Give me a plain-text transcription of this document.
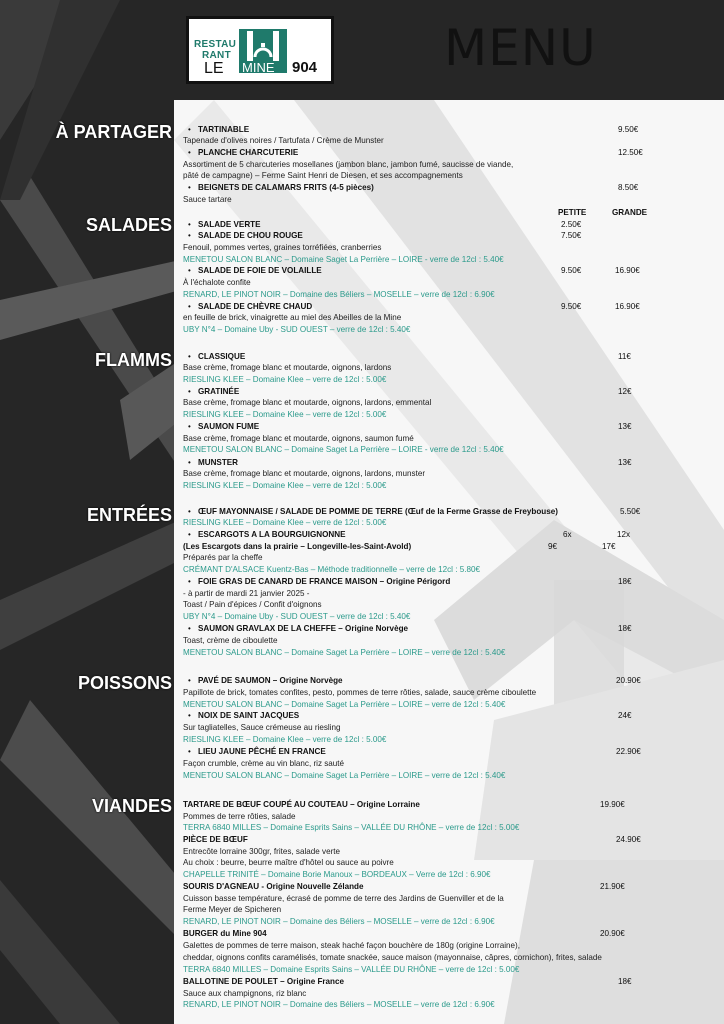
RESTAU
RANT
LE MINE 904	MENU
À PARTAGER
SALADES
FLAMMS
ENTRÉES
POISSONS
VIANDES
PETITE	GRANDE
• TARTINABLE	9.50€
Tapenade d'olives noires / Tartufata / Crème de Munster
• PLANCHE CHARCUTERIE	12.50€
Assortiment de 5 charcuteries mosellanes (jambon blanc, jambon fumé, saucisse de viande,
pâté de campagne) – Ferme Saint Henri de Diesen, et ses accompagnements
• BEIGNETS DE CALAMARS FRITS (4-5 pièces)	8.50€
Sauce tartare
• SALADE VERTE	2.50€
• SALADE DE CHOU ROUGE	7.50€
Fenouil, pommes vertes, graines torréfiées, cranberries
MENETOU SALON BLANC – Domaine Saget La Perrière – LOIRE - verre de 12cl : 5.40€
• SALADE DE FOIE DE VOLAILLE	9.50€	16.90€
À l'échalote confite
RENARD, LE PINOT NOIR – Domaine des Béliers – MOSELLE – verre de 12cl : 6.90€
• SALADE DE CHÈVRE CHAUD	9.50€	16.90€
en feuille de brick, vinaigrette au miel des Abeilles de la Mine
UBY N°4 – Domaine Uby - SUD OUEST – verre de 12cl : 5.40€
• CLASSIQUE	11€
Base crème, fromage blanc et moutarde, oignons, lardons
RIESLING KLEE – Domaine Klee – verre de 12cl : 5.00€
• GRATINÉE	12€
Base crème, fromage blanc et moutarde, oignons, lardons, emmental
RIESLING KLEE – Domaine Klee – verre de 12cl : 5.00€
• SAUMON FUME	13€
Base crème, fromage blanc et moutarde, oignons, saumon fumé
MENETOU SALON BLANC – Domaine Saget La Perrière – LOIRE - verre de 12cl : 5.40€
• MUNSTER	13€
Base crème, fromage blanc et moutarde, oignons, lardons, munster
RIESLING KLEE – Domaine Klee – verre de 12cl : 5.00€
• ŒUF MAYONNAISE / SALADE DE POMME DE TERRE (Œuf de la Ferme Grasse de Freybouse)	5.50€
RIESLING KLEE – Domaine Klee – verre de 12cl : 5.00€
• ESCARGOTS A LA BOURGUIGNONNE	6x	12x
(Les Escargots dans la prairie – Longeville-les-Saint-Avold)	9€	17€
Préparés par la cheffe
CRÉMANT D'ALSACE Kuentz-Bas – Méthode traditionnelle – verre de 12cl : 5.80€
• FOIE GRAS DE CANARD DE FRANCE MAISON – Origine Périgord	18€
- à partir de mardi 21 janvier 2025 -
Toast / Pain d'épices / Confit d'oignons
UBY N°4 – Domaine Uby - SUD OUEST – verre de 12cl : 5.40€
• SAUMON GRAVLAX DE LA CHEFFE – Origine Norvège	18€
Toast, crème de ciboulette
MENETOU SALON BLANC – Domaine Saget La Perrière – LOIRE – verre de 12cl : 5.40€
• PAVÉ DE SAUMON – Origine Norvège	20.90€
Papillote de brick, tomates confites, pesto, pommes de terre rôties, salade, sauce crème ciboulette
MENETOU SALON BLANC – Domaine Saget La Perrière – LOIRE – verre de 12cl : 5.40€
• NOIX DE SAINT JACQUES	24€
Sur tagliatelles, Sauce crémeuse au riesling
RIESLING KLEE – Domaine Klee – verre de 12cl : 5.00€
• LIEU JAUNE PÊCHÉ EN FRANCE	22.90€
Façon crumble, crème au vin blanc, riz sauté
MENETOU SALON BLANC – Domaine Saget La Perrière – LOIRE – verre de 12cl : 5.40€
TARTARE DE BŒUF COUPÉ AU COUTEAU – Origine Lorraine	19.90€
Pommes de terre rôties, salade
TERRA 6840 MILLES – Domaine Esprits Sains – VALLÉE DU RHÔNE – verre de 12cl : 5.00€
PIÈCE DE BŒUF	24.90€
Entrecôte lorraine 300gr, frites, salade verte
Au choix : beurre, beurre maître d'hôtel ou sauce au poivre
CHAPELLE TRINITÉ – Domaine Borie Manoux – BORDEAUX – Verre de 12cl : 6.90€
SOURIS D'AGNEAU - Origine Nouvelle Zélande	21.90€
Cuisson basse température, écrasé de pomme de terre des Jardins de Guenviller et de la
Ferme Meyer de Spicheren
RENARD, LE PINOT NOIR – Domaine des Béliers – MOSELLE – verre de 12cl : 6.90€
BURGER du Mine 904	20.90€
Galettes de pommes de terre maison, steak haché façon bouchère de 180g (origine Lorraine),
cheddar, oignons confits caramélisés, tomate snackée, sauce maison (mayonnaise, câpres, cornichon), frites, salade
TERRA 6840 MILLES – Domaine Esprits Sains – VALLÉE DU RHÔNE – verre de 12cl : 5.00€
BALLOTINE DE POULET – Origine France	18€
Sauce aux champignons, riz blanc
RENARD, LE PINOT NOIR – Domaine des Béliers – MOSELLE – verre de 12cl : 6.90€
